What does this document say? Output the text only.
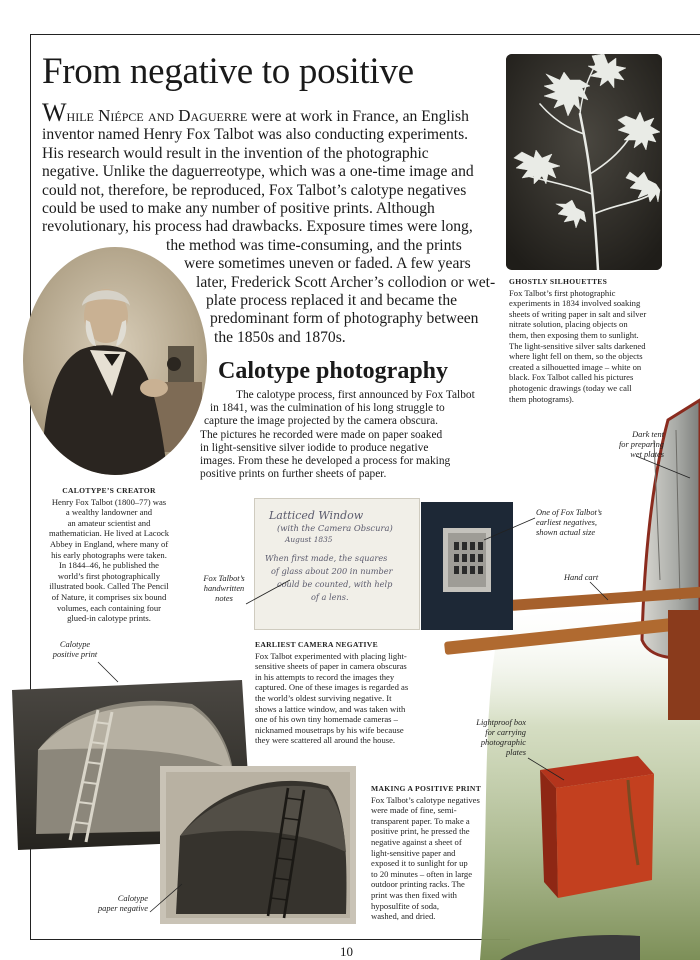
From negative to positive
While Niépce and Daguerre were at work in France, an English
inventor named Henry Fox Talbot was also conducting experiments.
His research would result in the invention of the photographic
negative. Unlike the daguerreotype, which was a one-time image and
could not, therefore, be reproduced, Fox Talbot’s calotype negatives
could be used to make any number of positive prints. Although
revolutionary, his process had drawbacks. Exposure times were long,
the method was time-consuming, and the prints
were sometimes uneven or faded. A few years
later, Frederick Scott Archer’s collodion or wet-
plate process replaced it and became the
predominant form of photography between
the 1850s and 1870s.
GHOSTLY SILHOUETTES
Fox Talbot’s first photographic
experiments in 1834 involved soaking
sheets of writing paper in salt and silver
nitrate solution, placing objects on
them, then exposing them to sunlight.
The light-sensitive silver salts darkened
where light fell on them, so the objects
created a silhouetted image – white on
black. Fox Talbot called his pictures
photogenic drawings (today we call
them photograms).
Dark tent
for preparing
wet plates
Calotype photography
The calotype process, first announced by Fox Talbot
in 1841, was the culmination of his long struggle to
capture the image projected by the camera obscura.
The pictures he recorded were made on paper soaked
in light-sensitive silver iodide to produce negative
images. From these he developed a process for making
positive prints on further sheets of paper.
CALOTYPE’S CREATOR
Henry Fox Talbot (1800–77) was
a wealthy landowner and
an amateur scientist and
mathematician. He lived at Lacock
Abbey in England, where many of
his early photographs were taken.
In 1844–46, he published the
world’s first photographically
illustrated book. Called The Pencil
of Nature, it comprises six bound
volumes, each containing four
glued-in calotype prints.
Latticed Window
(with the Camera Obscura)
August 1835
When first made, the squares
of glass about 200 in number
could be counted, with help
of a lens.
One of Fox Talbot’s
earliest negatives,
shown actual size
Hand cart
Fox Talbot’s
handwritten
notes
EARLIEST CAMERA NEGATIVE
Fox Talbot experimented with placing light-
sensitive sheets of paper in camera obscuras
in his attempts to record the images they
captured. One of these images is regarded as
the world’s oldest surviving negative. It
shows a lattice window, and was taken with
one of his own tiny homemade cameras –
nicknamed mousetraps by his wife because
they were scattered all around the house.
Lightproof box
for carrying
photographic
plates
Calotype
positive print
Calotype
paper negative
MAKING A POSITIVE PRINT
Fox Talbot’s calotype negatives
were made of fine, semi-
transparent paper. To make a
positive print, he pressed the
negative against a sheet of
light-sensitive paper and
exposed it to sunlight for up
to 20 minutes – often in large
outdoor printing racks. The
print was then fixed with
hyposulfite of soda,
washed, and dried.
10
